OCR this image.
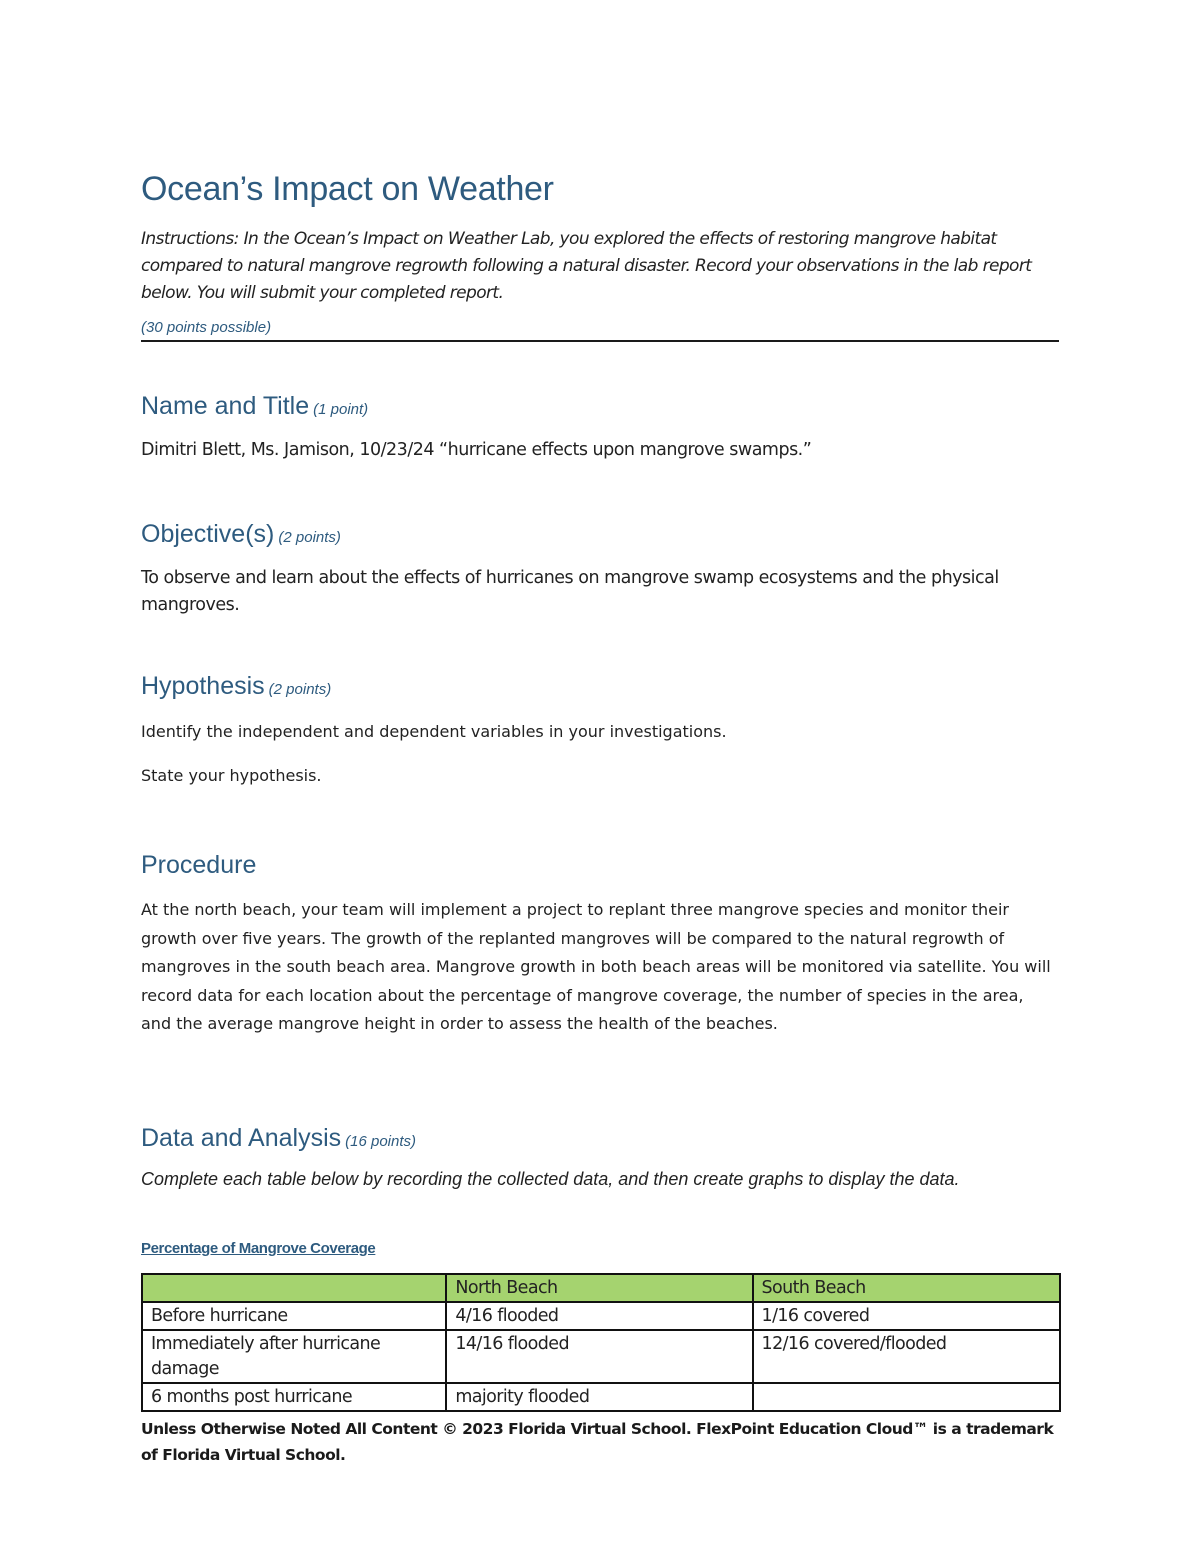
Ocean’s Impact on Weather

Instructions: In the Ocean’s Impact on Weather Lab, you explored the effects of restoring mangrove habitat compared to natural mangrove regrowth following a natural disaster. Record your observations in the lab report below. You will submit your completed report.

(30 points possible)

Name and Title (1 point)

Dimitri Blett, Ms. Jamison, 10/23/24 “hurricane effects upon mangrove swamps.”

Objective(s) (2 points)

To observe and learn about the effects of hurricanes on mangrove swamp ecosystems and the physical mangroves.

Hypothesis (2 points)

Identify the independent and dependent variables in your investigations.

State your hypothesis.

Procedure

At the north beach, your team will implement a project to replant three mangrove species and monitor their growth over five years. The growth of the replanted mangroves will be compared to the natural regrowth of mangroves in the south beach area. Mangrove growth in both beach areas will be monitored via satellite. You will record data for each location about the percentage of mangrove coverage, the number of species in the area, and the average mangrove height in order to assess the health of the beaches.

Data and Analysis (16 points)

Complete each table below by recording the collected data, and then create graphs to display the data.

Percentage of Mangrove Coverage

	North Beach	South Beach
Before hurricane	4/16 flooded	1/16 covered
Immediately after hurricane damage	14/16 flooded	12/16 covered/flooded
6 months post hurricane	majority flooded	

Unless Otherwise Noted All Content © 2023 Florida Virtual School. FlexPoint Education Cloud™ is a trademark of Florida Virtual School.
